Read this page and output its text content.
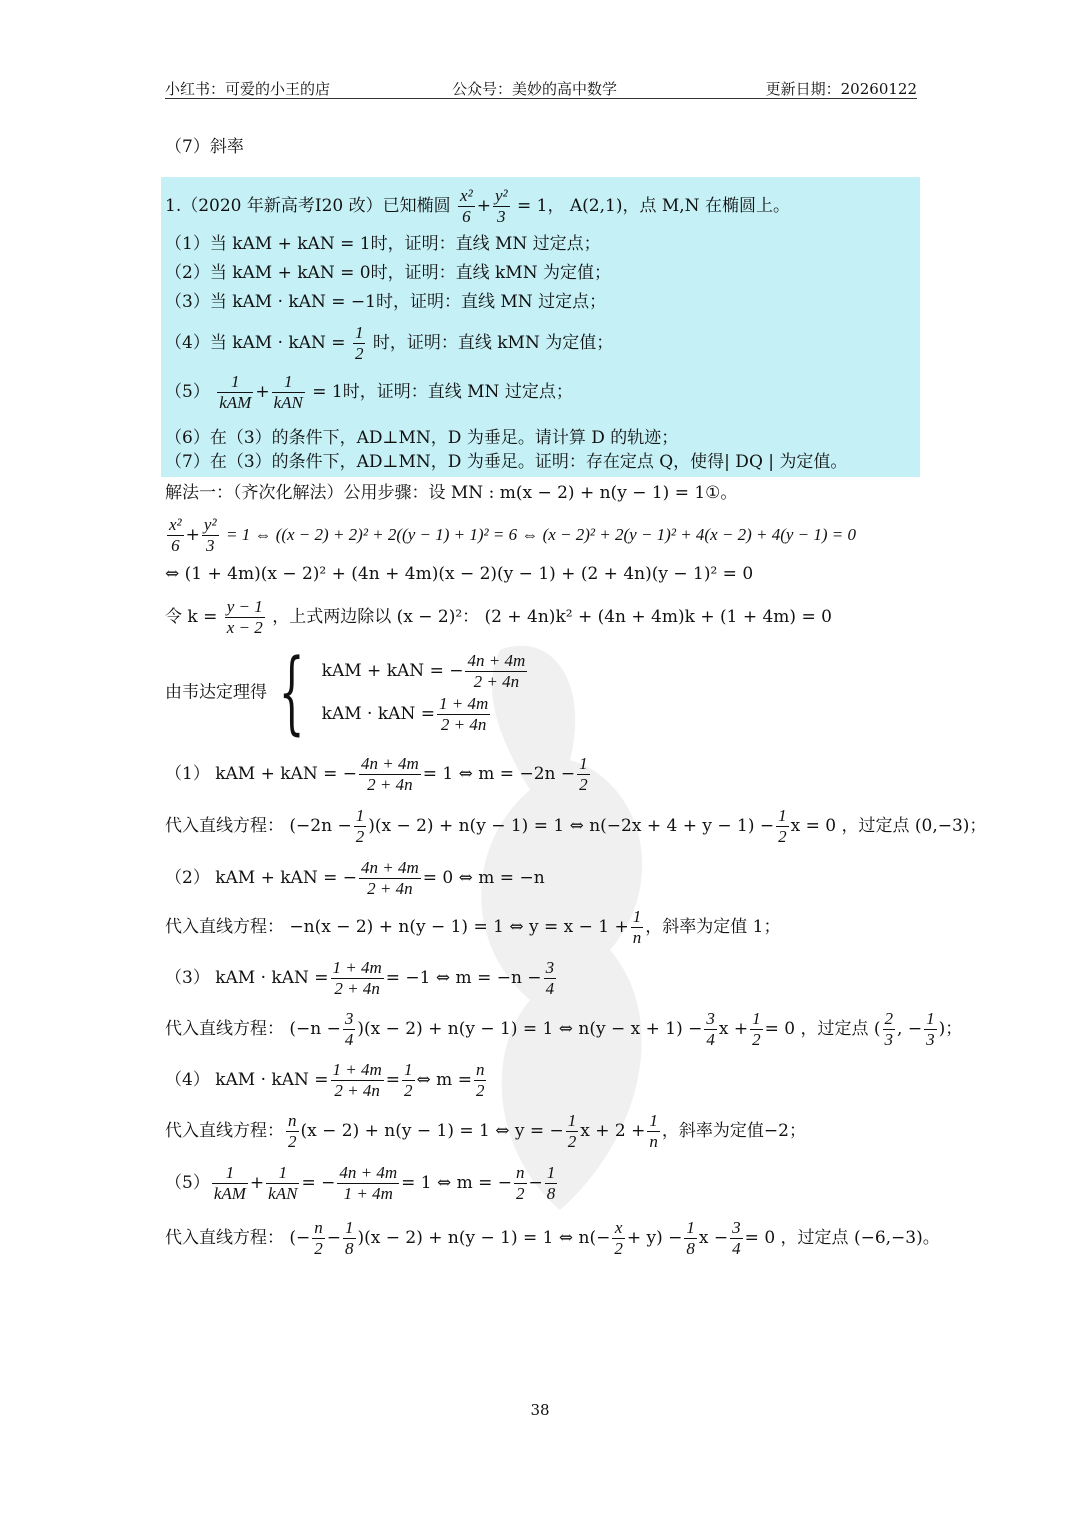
小红书：可爱的小王的店	公众号：美妙的高中数学	更新日期：20260122
（7）斜率
1.（2020 年新高考Ⅰ20 改）已知椭圆 $\frac{\text{x²}}{6} + \frac{\text{y²}}{3} = 1$， A(2,1)，点 M,N 在椭圆上。
（1）当 kAM + kAN = 1时，证明：直线 MN 过定点；
（2）当 kAM + kAN = 0时，证明：直线 kMN 为定值；
（3）当 kAM · kAN = −1时，证明：直线 MN 过定点；
（4）当 kAM · kAN = $\frac{1}{2}$ 时，证明：直线 kMN 为定值；
$(5) \frac{1}{\text{kAM}} + \frac{1}{\text{kAN}} = 1$时，证明：直线 MN 过定点；
（6）在（3）的条件下，AD⊥MN，D 为垂足。请计算 D 的轨迹；
（7）在（3）的条件下，AD⊥MN，D 为垂足。证明：存在定点 Q，使得| DQ | 为定值。
解法一：（齐次化解法）公用步骤：设 MN : m(x − 2) + n(y − 1) = 1①。
$\frac{\text{x²}}{6} + \frac{\text{y²}}{3} = 1$ ⇔ ((x − 2) + 2)² + 2((y − 1) + 1)² = 6 ⇔ (x − 2)² + 2(y − 1)² + 4(x − 2) + 4(y − 1) = 0
⇔ (1 + 4m)(x − 2)² + (4n + 4m)(x − 2)(y − 1) + (2 + 4n)(y − 1)² = 0
令 $k = \frac{y - 1}{x - 2}$ ，上式两边除以 (x − 2)²： (2 + 4n)k² + (4n + 4m)k + (1 + 4m) = 0
由韦达定理得 { kAM + kAN = − $\frac{4n + 4m}{2 + 4n}$
kAM · kAN = $\frac{1 + 4m}{2 + 4n}$
（1） kAM + kAN = − $\frac{4n + 4m}{2 + 4n} = 1$ ⇔ $m = -2n - \frac{1}{2}$
代入直线方程： $(-2n - \frac{1}{2} )(x - 2) + n(y - 1) = 1$ ⇔ $n(-2x + 4 + y - 1) - \frac{1}{2}$ x = 0 ，过定点 (0,−3)；
（2） kAM + kAN = − $\frac{4n + 4m}{2 + 4n} = 0$ ⇔ m = −n
代入直线方程： −n(x − 2) + n(y − 1) = 1 ⇔ $y = x - 1 + \frac{1}{n}$ ，斜率为定值 1；
（3） kAM · kAN = $\frac{1 + 4m}{2 + 4n} = -1$ ⇔ $m = -n - \frac{3}{4}$
代入直线方程： $(-n - \frac{3}{4} )(x - 2) + n(y - 1) = 1$ ⇔ $n(y - x + 1) - \frac{3}{4}$ $x + \frac{1}{2} = 0$ ，过定点 ( $\frac{2}{3}$ , − $\frac{1}{3}$ )；
（4） kAM · kAN = $\frac{1 + 4m}{2 + 4n} = \frac{1}{2}$ ⇔ $m = \frac{n}{2}$
代入直线方程： $\frac{n}{2} (x - 2) + n(y - 1) = 1$ ⇔ y = − $\frac{1}{2}$ $x + 2 + \frac{1}{n}$ ，斜率为定值−2；
$(5) \frac{1}{\text{kAM}} + \frac{1}{\text{kAN}}$ = − $\frac{4n + 4m}{1 + 4m} = 1$ ⇔ m = − $\frac{n}{2} - \frac{1}{8}$
代入直线方程： (− $\frac{n}{2} - \frac{1}{8} )(x - 2) + n(y - 1) = 1$ ⇔ $n(- \frac{x}{2} + y) - \frac{1}{8}$ $x - \frac{3}{4} = 0$ ，过定点 (−6,−3)。
38
